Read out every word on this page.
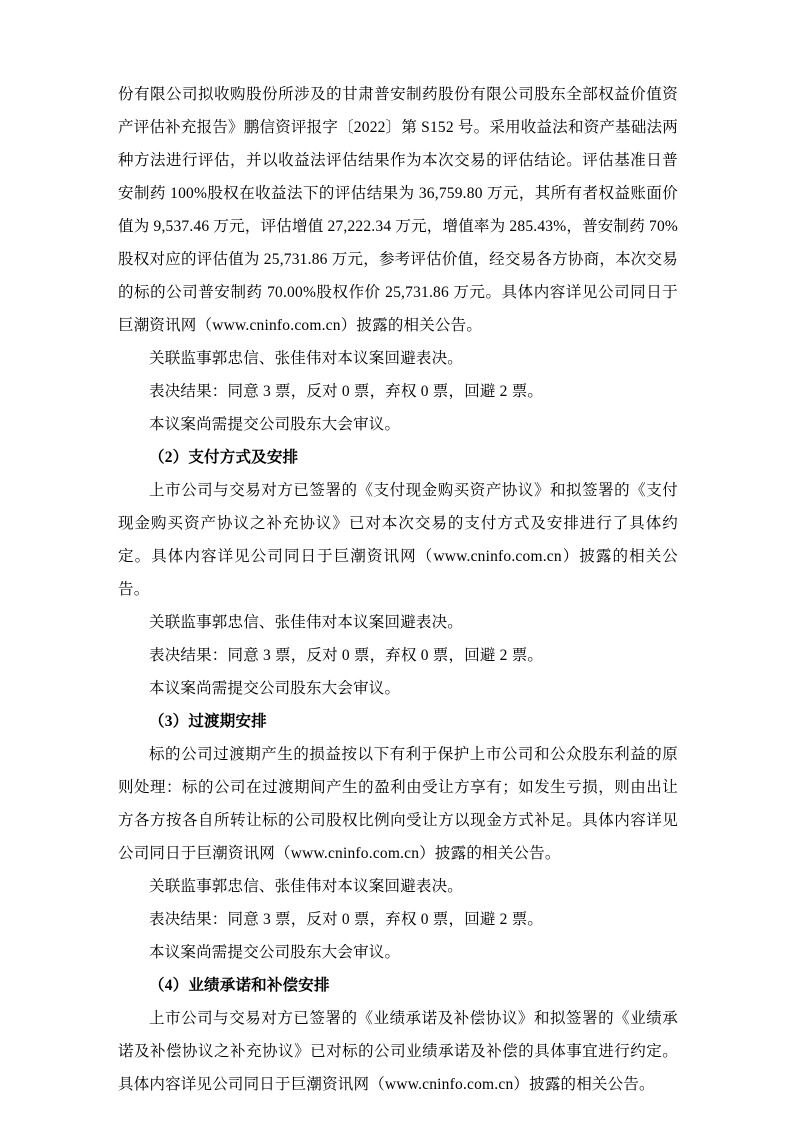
份有限公司拟收购股份所涉及的甘肃普安制药股份有限公司股东全部权益价值资产评估补充报告》鹏信资评报字〔2022〕第 S152 号。采用收益法和资产基础法两种方法进行评估，并以收益法评估结果作为本次交易的评估结论。评估基准日普安制药 100%股权在收益法下的评估结果为 36,759.80 万元，其所有者权益账面价值为 9,537.46 万元，评估增值 27,222.34 万元，增值率为 285.43%，普安制药 70%股权对应的评估值为 25,731.86 万元，参考评估价值，经交易各方协商，本次交易的标的公司普安制药 70.00%股权作价 25,731.86 万元。具体内容详见公司同日于巨潮资讯网（www.cninfo.com.cn）披露的相关公告。

关联监事郭忠信、张佳伟对本议案回避表决。

表决结果：同意 3 票，反对 0 票，弃权 0 票，回避 2 票。

本议案尚需提交公司股东大会审议。

（2）支付方式及安排

上市公司与交易对方已签署的《支付现金购买资产协议》和拟签署的《支付现金购买资产协议之补充协议》已对本次交易的支付方式及安排进行了具体约定。具体内容详见公司同日于巨潮资讯网（www.cninfo.com.cn）披露的相关公告。

关联监事郭忠信、张佳伟对本议案回避表决。

表决结果：同意 3 票，反对 0 票，弃权 0 票，回避 2 票。

本议案尚需提交公司股东大会审议。

（3）过渡期安排

标的公司过渡期产生的损益按以下有利于保护上市公司和公众股东利益的原则处理：标的公司在过渡期间产生的盈利由受让方享有；如发生亏损，则由出让方各方按各自所转让标的公司股权比例向受让方以现金方式补足。具体内容详见公司同日于巨潮资讯网（www.cninfo.com.cn）披露的相关公告。

关联监事郭忠信、张佳伟对本议案回避表决。

表决结果：同意 3 票，反对 0 票，弃权 0 票，回避 2 票。

本议案尚需提交公司股东大会审议。

（4）业绩承诺和补偿安排

上市公司与交易对方已签署的《业绩承诺及补偿协议》和拟签署的《业绩承诺及补偿协议之补充协议》已对标的公司业绩承诺及补偿的具体事宜进行约定。具体内容详见公司同日于巨潮资讯网（www.cninfo.com.cn）披露的相关公告。
